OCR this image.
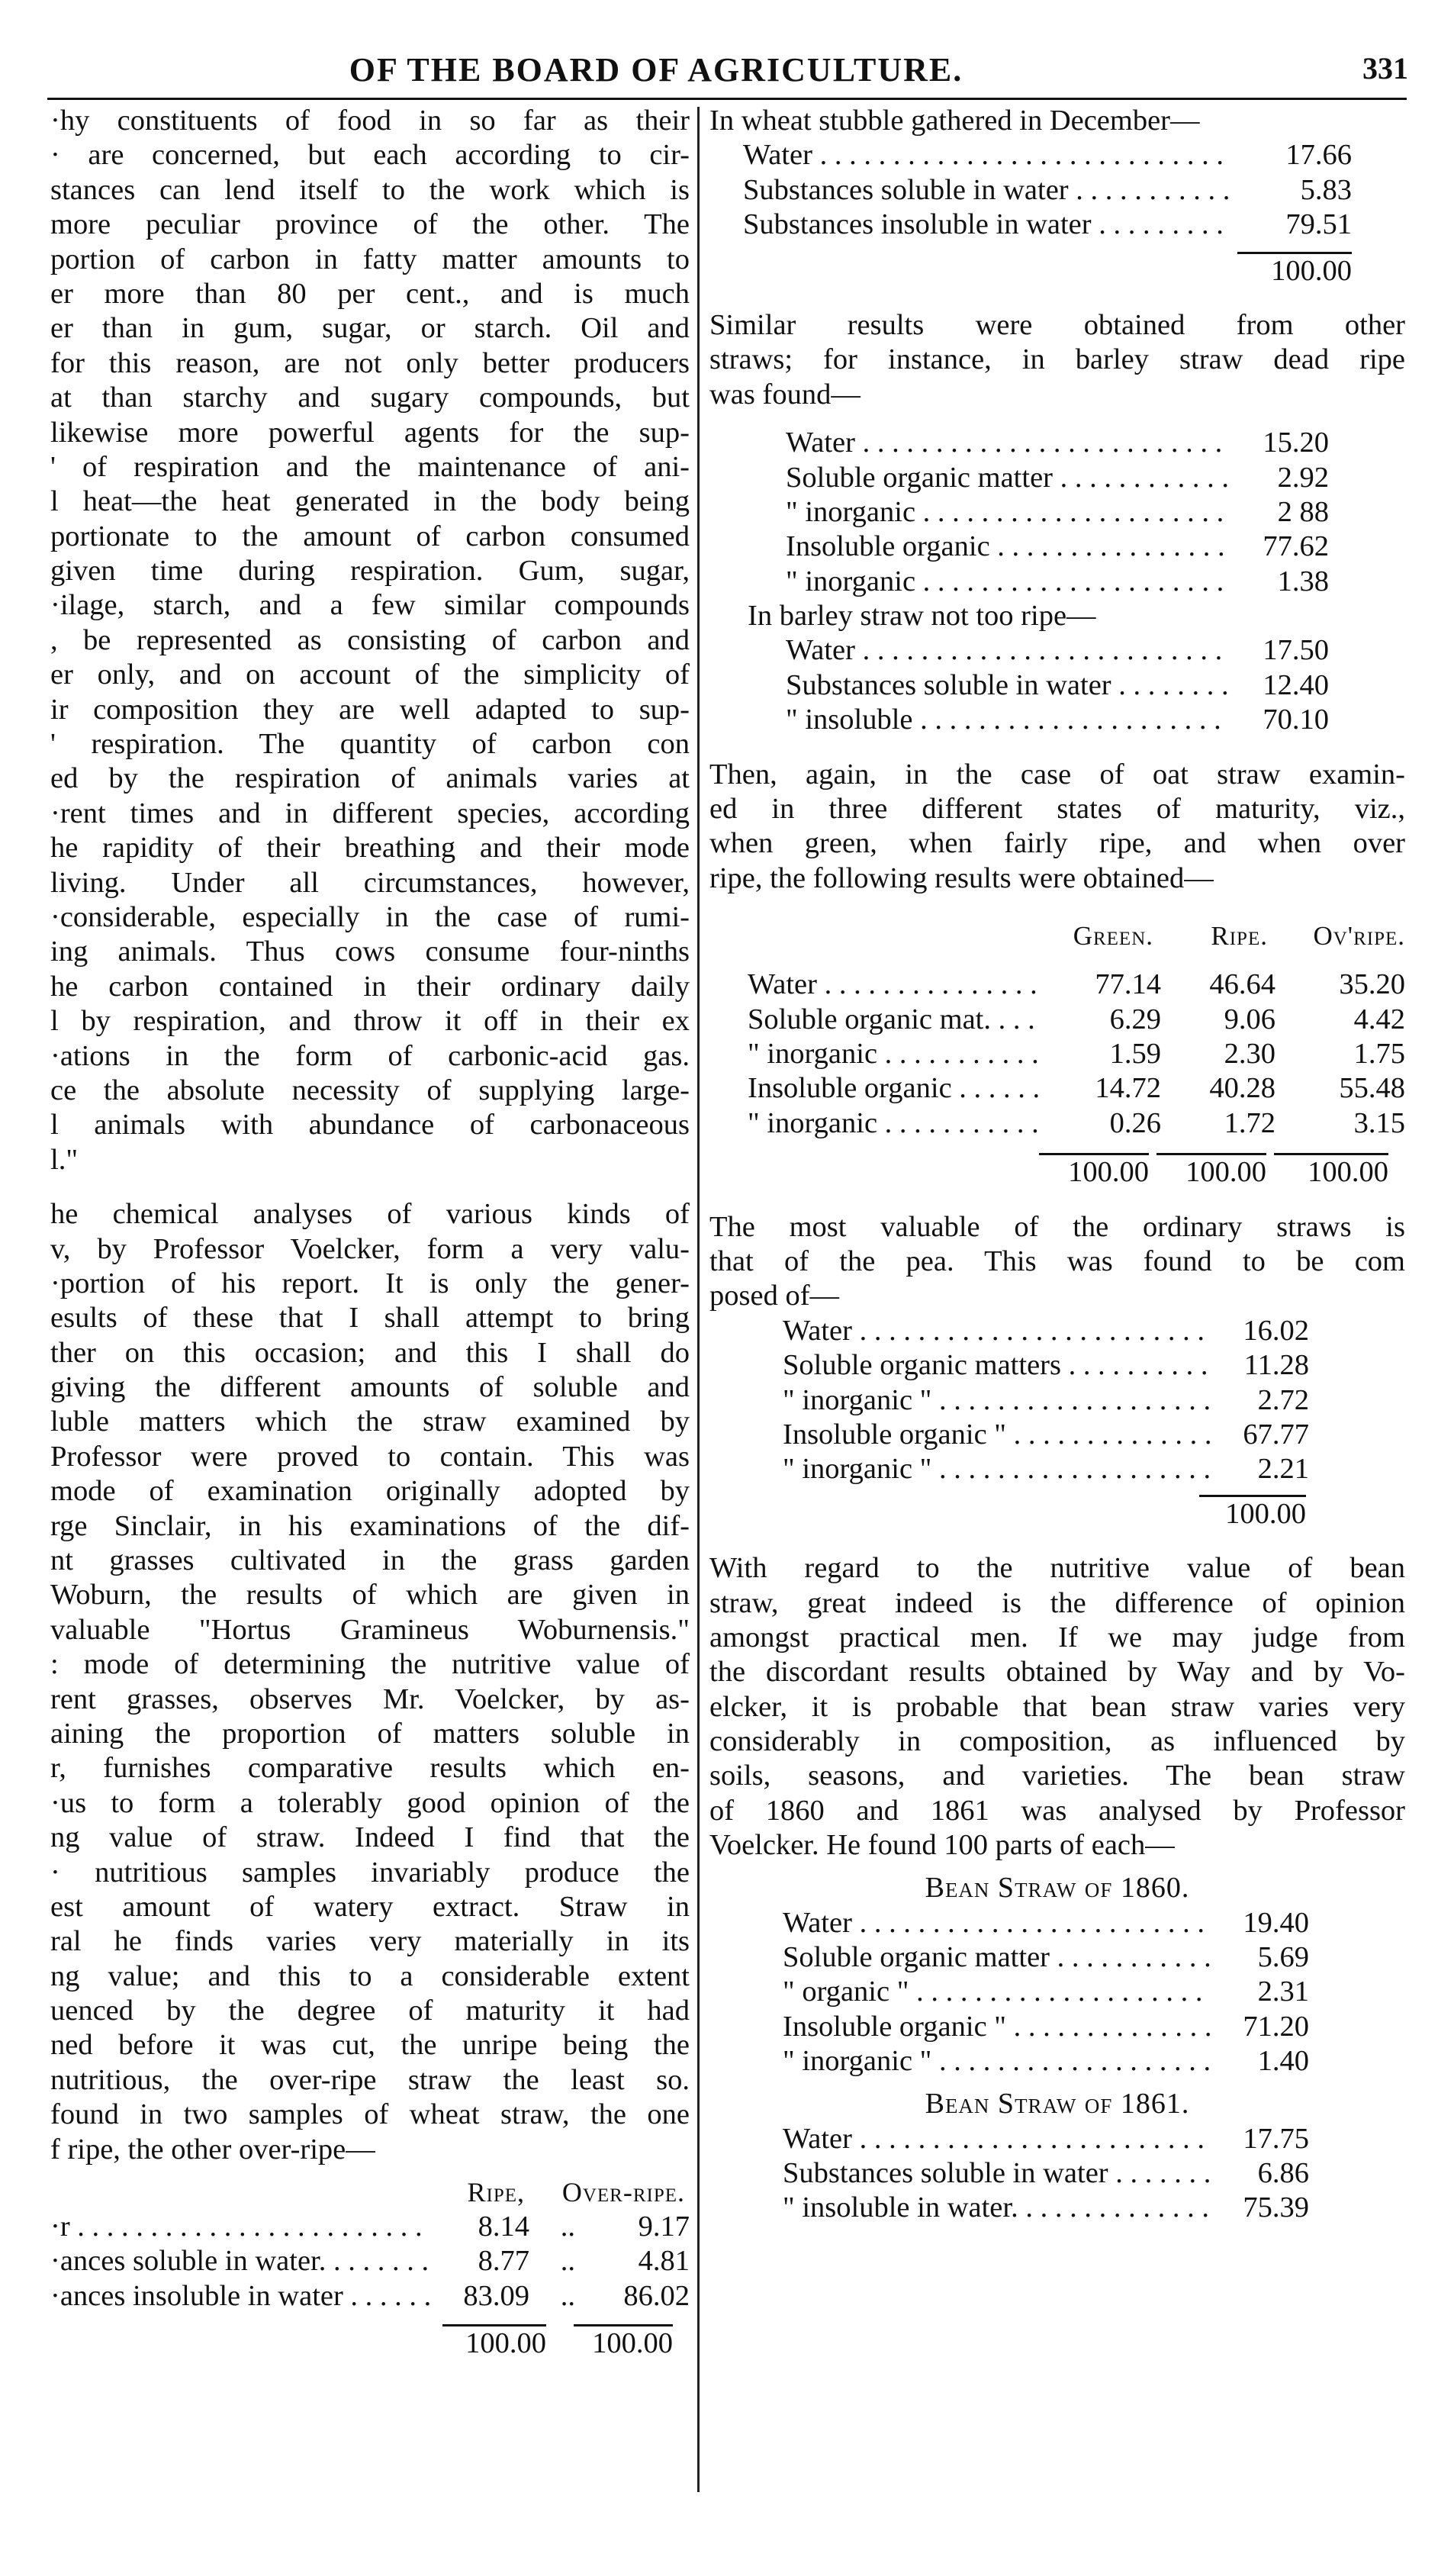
OF THE BOARD OF AGRICULTURE.	331
·hy constituents of food in so far as their
· are concerned, but each according to cir-
stances can lend itself to the work which is
more peculiar province of the other. The
portion of carbon in fatty matter amounts to
er more than 80 per cent., and is much
er than in gum, sugar, or starch. Oil and
for this reason, are not only better producers
at than starchy and sugary compounds, but
likewise more powerful agents for the sup-
' of respiration and the maintenance of ani-
l heat—the heat generated in the body being
portionate to the amount of carbon consumed
given time during respiration. Gum, sugar,
·ilage, starch, and a few similar compounds
, be represented as consisting of carbon and
er only, and on account of the simplicity of
ir composition they are well adapted to sup-
' respiration. The quantity of carbon con
ed by the respiration of animals varies at
·rent times and in different species, according
he rapidity of their breathing and their mode
living. Under all circumstances, however,
·considerable, especially in the case of rumi-
ing animals. Thus cows consume four-ninths
he carbon contained in their ordinary daily
l by respiration, and throw it off in their ex
·ations in the form of carbonic-acid gas.
ce the absolute necessity of supplying large-
l animals with abundance of carbonaceous
l."
he chemical analyses of various kinds of
v, by Professor Voelcker, form a very valu-
·portion of his report. It is only the gener-
esults of these that I shall attempt to bring
ther on this occasion; and this I shall do
giving the different amounts of soluble and
luble matters which the straw examined by
Professor were proved to contain. This was
mode of examination originally adopted by
rge Sinclair, in his examinations of the dif-
nt grasses cultivated in the grass garden
Woburn, the results of which are given in
valuable "Hortus Gramineus Woburnensis."
: mode of determining the nutritive value of
rent grasses, observes Mr. Voelcker, by as-
aining the proportion of matters soluble in
r, furnishes comparative results which en-
·us to form a tolerably good opinion of the
ng value of straw. Indeed I find that the
· nutritious samples invariably produce the
est amount of watery extract. Straw in
ral he finds varies very materially in its
ng value; and this to a considerable extent
uenced by the degree of maturity it had
ned before it was cut, the unripe being the
nutritious, the over-ripe straw the least so.
found in two samples of wheat straw, the one
f ripe, the other over-ripe—
Ripe,	Over-ripe.
·r . . .	8.14	..	9.17
·ances soluble in water. . . .	8.77	..	4.81
·ances insoluble in water . . .	83.09	..	86.02
100.00	100.00
In wheat stubble gathered in December—
Water . . .	17.66
Substances soluble in water . . .	5.83
Substances insoluble in water . . .	79.51
100.00
Similar results were obtained from other
straws; for instance, in barley straw dead ripe
was found—
Water . . .	15.20
Soluble organic matter . . .	2.92
" inorganic . . .	2 88
Insoluble organic . . .	77.62
" inorganic . . .	1.38
In barley straw not too ripe—
Water . . .	17.50
Substances soluble in water . . .	12.40
" insoluble . . .	70.10
Then, again, in the case of oat straw examin-
ed in three different states of maturity, viz.,
when green, when fairly ripe, and when over
ripe, the following results were obtained—
Green.	Ripe.	Ov'ripe.
Water . . .	77.14	46.64	35.20
Soluble organic mat. . . .	6.29	9.06	4.42
" inorganic . . .	1.59	2.30	1.75
Insoluble organic . . .	14.72	40.28	55.48
" inorganic . . .	0.26	1.72	3.15
100.00	100.00	100.00
The most valuable of the ordinary straws is
that of the pea. This was found to be com
posed of—
Water . . .	16.02
Soluble organic matters . . .	11.28
" inorganic " . . .	2.72
Insoluble organic " . . .	67.77
" inorganic " . . .	2.21
100.00
With regard to the nutritive value of bean
straw, great indeed is the difference of opinion
amongst practical men. If we may judge from
the discordant results obtained by Way and by Vo-
elcker, it is probable that bean straw varies very
considerably in composition, as influenced by
soils, seasons, and varieties. The bean straw
of 1860 and 1861 was analysed by Professor
Voelcker. He found 100 parts of each—
Bean Straw of 1860.
Water . . .	19.40
Soluble organic matter . . .	5.69
" organic " . . .	2.31
Insoluble organic " . . .	71.20
" inorganic " . . .	1.40
Bean Straw of 1861.
Water . . .	17.75
Substances soluble in water . . .	6.86
" insoluble in water. . . .	75.39
